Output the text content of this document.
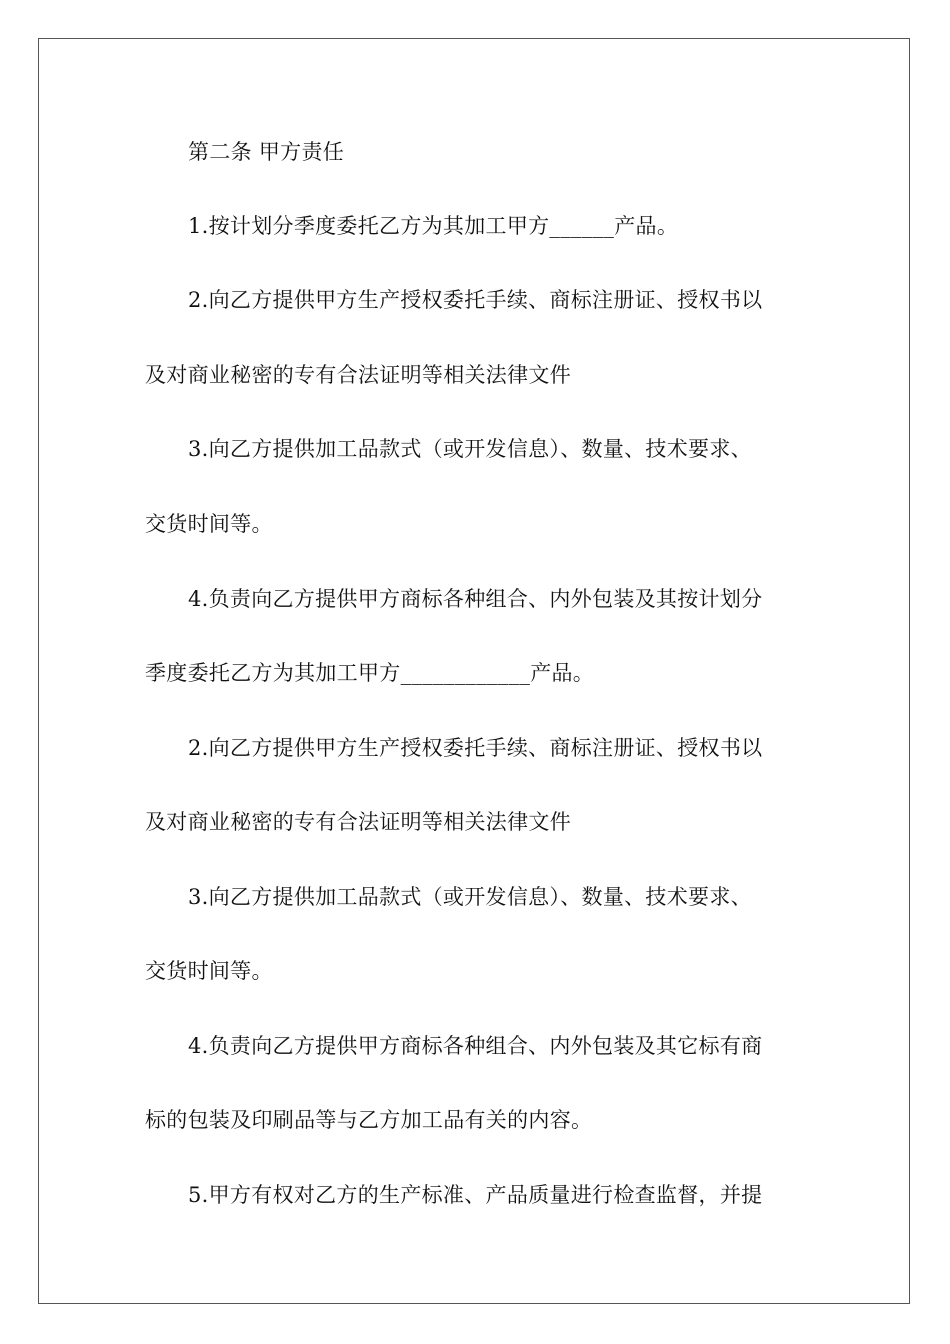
第二条 甲方责任
1.按计划分季度委托乙方为其加工甲方______产品。
2.向乙方提供甲方生产授权委托手续、商标注册证、授权书以
及对商业秘密的专有合法证明等相关法律文件
3.向乙方提供加工品款式（或开发信息）、数量、技术要求、
交货时间等。
4.负责向乙方提供甲方商标各种组合、内外包装及其按计划分
季度委托乙方为其加工甲方____________产品。
2.向乙方提供甲方生产授权委托手续、商标注册证、授权书以
及对商业秘密的专有合法证明等相关法律文件
3.向乙方提供加工品款式（或开发信息）、数量、技术要求、
交货时间等。
4.负责向乙方提供甲方商标各种组合、内外包装及其它标有商
标的包装及印刷品等与乙方加工品有关的内容。
5.甲方有权对乙方的生产标准、产品质量进行检查监督，并提
